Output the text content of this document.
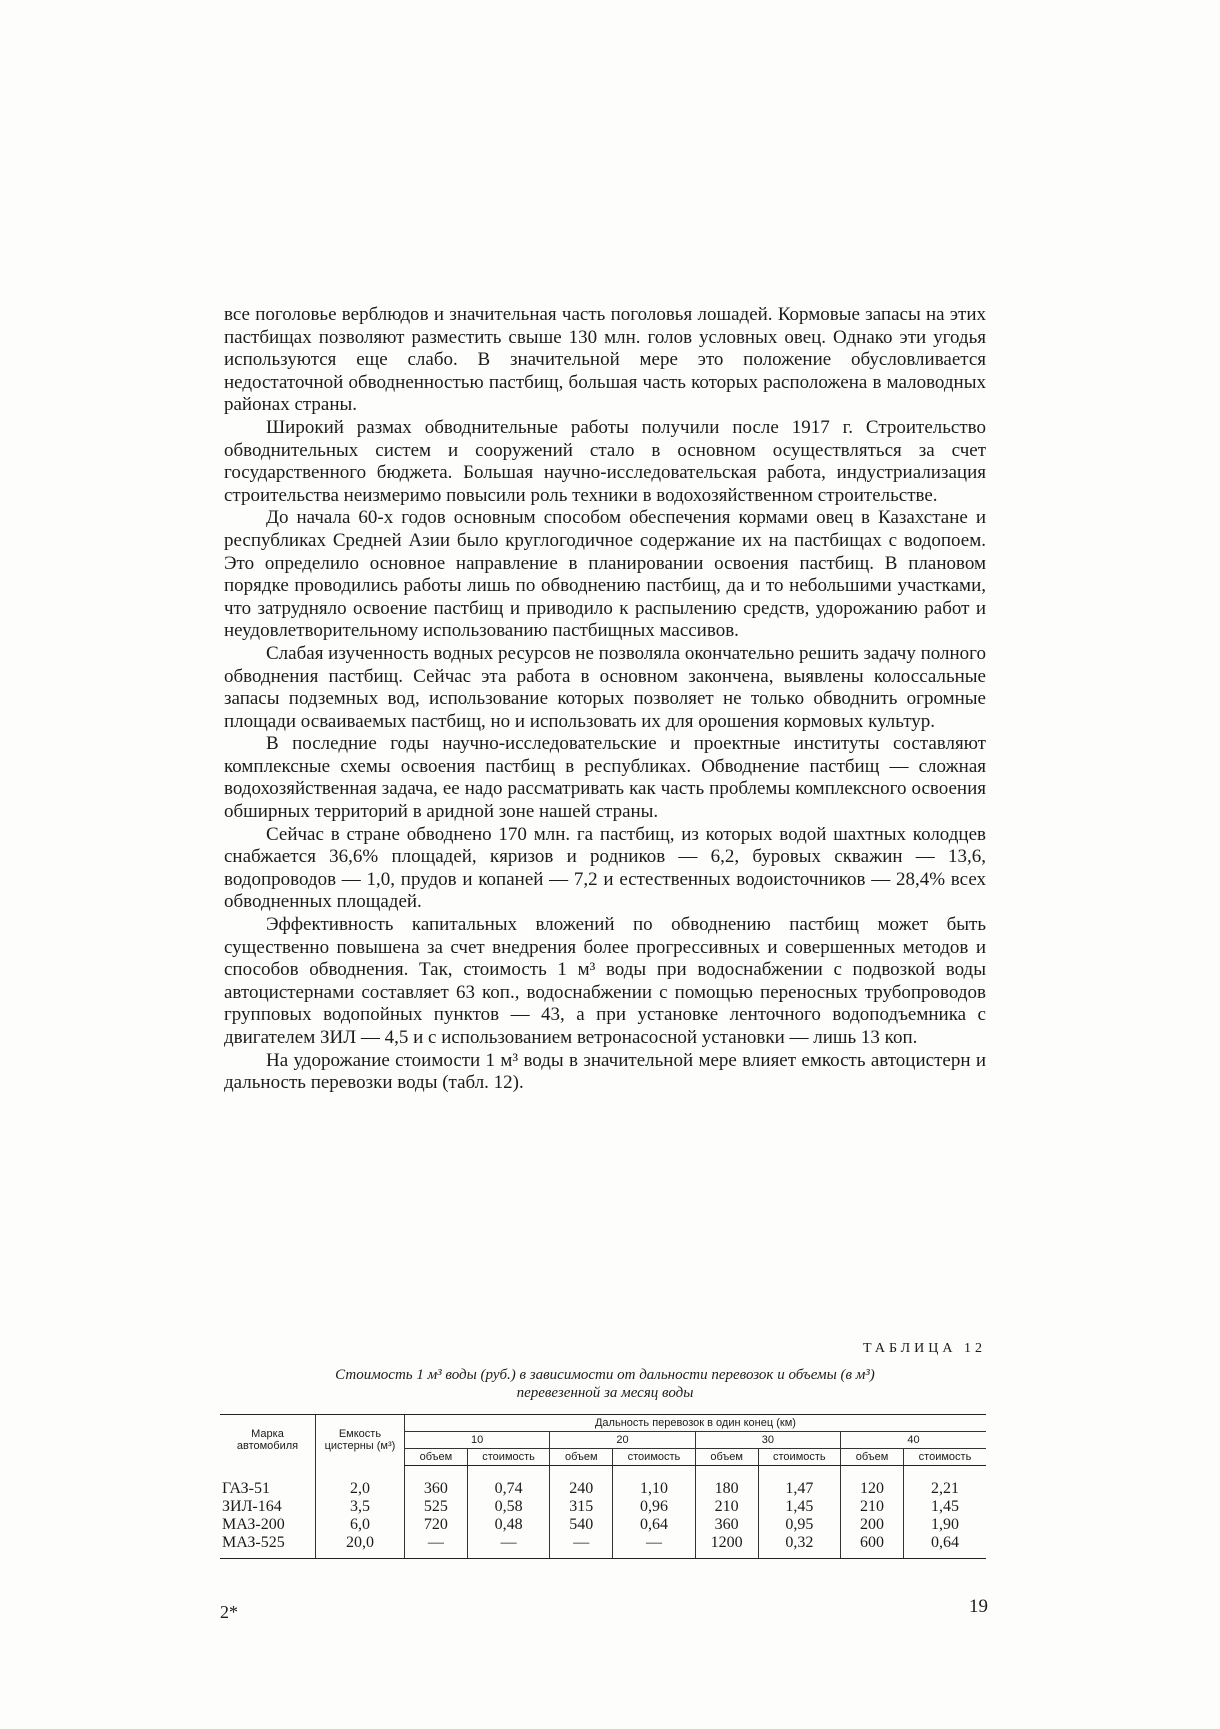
все поголовье верблюдов и значительная часть поголовья лошадей. Кормовые запасы на этих пастбищах позволяют разместить свыше 130 млн. голов условных овец. Однако эти угодья используются еще слабо. В значительной мере это положение обусловливается недостаточной обводненностью пастбищ, большая часть которых расположена в маловодных районах страны.

Широкий размах обводнительные работы получили после 1917 г. Строительство обводнительных систем и сооружений стало в основном осуществляться за счет государственного бюджета. Большая научно-исследовательская работа, индустриализация строительства неизмеримо повысили роль техники в водохозяйственном строительстве.

До начала 60-х годов основным способом обеспечения кормами овец в Казахстане и республиках Средней Азии было круглогодичное содержание их на пастбищах с водопоем. Это определило основное направление в планировании освоения пастбищ. В плановом порядке проводились работы лишь по обводнению пастбищ, да и то небольшими участками, что затрудняло освоение пастбищ и приводило к распылению средств, удорожанию работ и неудовлетворительному использованию пастбищных массивов.

Слабая изученность водных ресурсов не позволяла окончательно решить задачу полного обводнения пастбищ. Сейчас эта работа в основном закончена, выявлены колоссальные запасы подземных вод, использование которых позволяет не только обводнить огромные площади осваиваемых пастбищ, но и использовать их для орошения кормовых культур.

В последние годы научно-исследовательские и проектные институты составляют комплексные схемы освоения пастбищ в республиках. Обводнение пастбищ — сложная водохозяйственная задача, ее надо рассматривать как часть проблемы комплексного освоения обширных территорий в аридной зоне нашей страны.

Сейчас в стране обводнено 170 млн. га пастбищ, из которых водой шахтных колодцев снабжается 36,6% площадей, кяризов и родников — 6,2, буровых скважин — 13,6, водопроводов — 1,0, прудов и копаней — 7,2 и естественных водоисточников — 28,4% всех обводненных площадей.

Эффективность капитальных вложений по обводнению пастбищ может быть существенно повышена за счет внедрения более прогрессивных и совершенных методов и способов обводнения. Так, стоимость 1 м³ воды при водоснабжении с подвозкой воды автоцистернами составляет 63 коп., водоснабжении с помощью переносных трубопроводов групповых водопойных пунктов — 43, а при установке ленточного водоподъемника с двигателем ЗИЛ — 4,5 и с использованием ветронасосной установки — лишь 13 коп.

На удорожание стоимости 1 м³ воды в значительной мере влияет емкость автоцистерн и дальность перевозки воды (табл. 12).

ТАБЛИЦА 12
Стоимость 1 м³ воды (руб.) в зависимости от дальности перевозок и объемы (в м³)
перевезенной за месяц воды
Марка автомобиля	Емкость цистерны (м³)	Дальность перевозок в один конец (км)							
		10		20		30		40	
		объем	стоимость	объем	стоимость	объем	стоимость	объем	стоимость
ГАЗ-51	2,0	360	0,74	240	1,10	180	1,47	120	2,21
ЗИЛ-164	3,5	525	0,58	315	0,96	210	1,45	210	1,45
МАЗ-200	6,0	720	0,48	540	0,64	360	0,95	200	1,90
МАЗ-525	20,0	—	—	—	—	1200	0,32	600	0,64
2*	19
